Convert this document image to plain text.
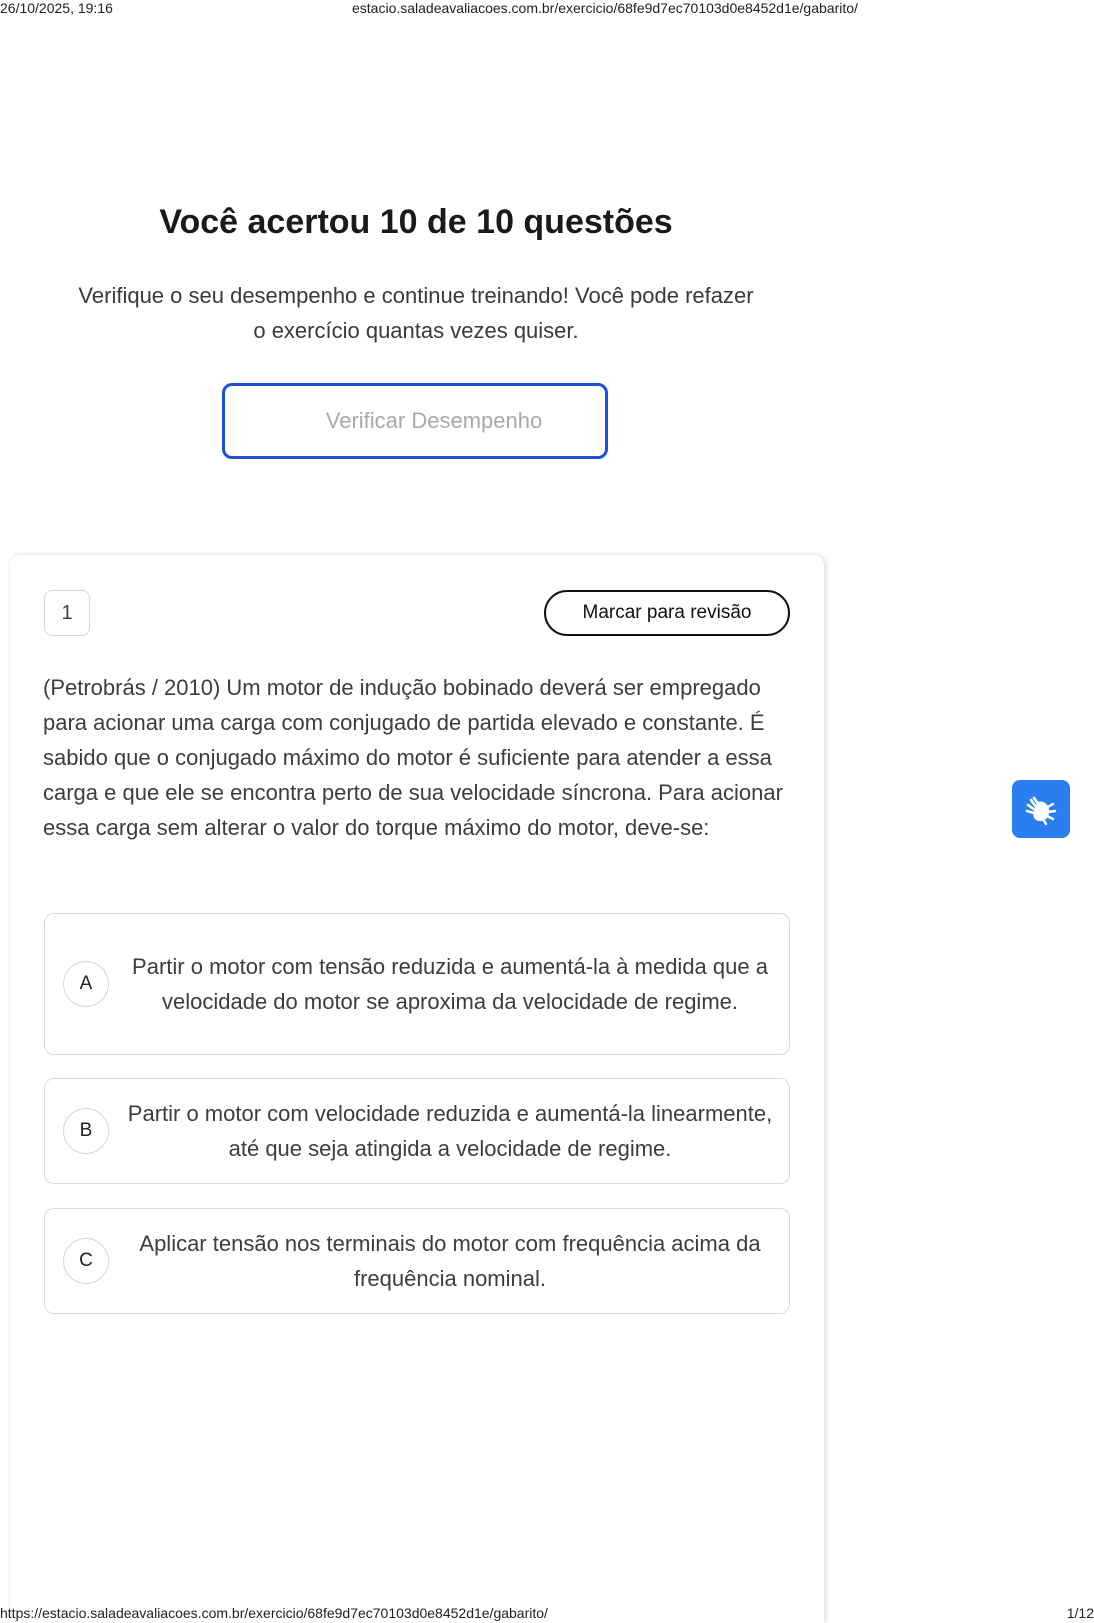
26/10/2025, 19:16	estacio.saladeavaliacoes.com.br/exercicio/68fe9d7ec70103d0e8452d1e/gabarito/
Você acertou 10 de 10 questões

Verifique o seu desempenho e continue treinando! Você pode refazer o exercício quantas vezes quiser.

Verificar Desempenho
1	Marcar para revisão

(Petrobrás / 2010) Um motor de indução bobinado deverá ser empregado para acionar uma carga com conjugado de partida elevado e constante. É sabido que o conjugado máximo do motor é suficiente para atender a essa carga e que ele se encontra perto de sua velocidade síncrona. Para acionar essa carga sem alterar o valor do torque máximo do motor, deve-se:

A
Partir o motor com tensão reduzida e aumentá-la à medida que a velocidade do motor se aproxima da velocidade de regime.
B
Partir o motor com velocidade reduzida e aumentá-la linearmente, até que seja atingida a velocidade de regime.
C
Aplicar tensão nos terminais do motor com frequência acima da frequência nominal.
https://estacio.saladeavaliacoes.com.br/exercicio/68fe9d7ec70103d0e8452d1e/gabarito/	1/12
